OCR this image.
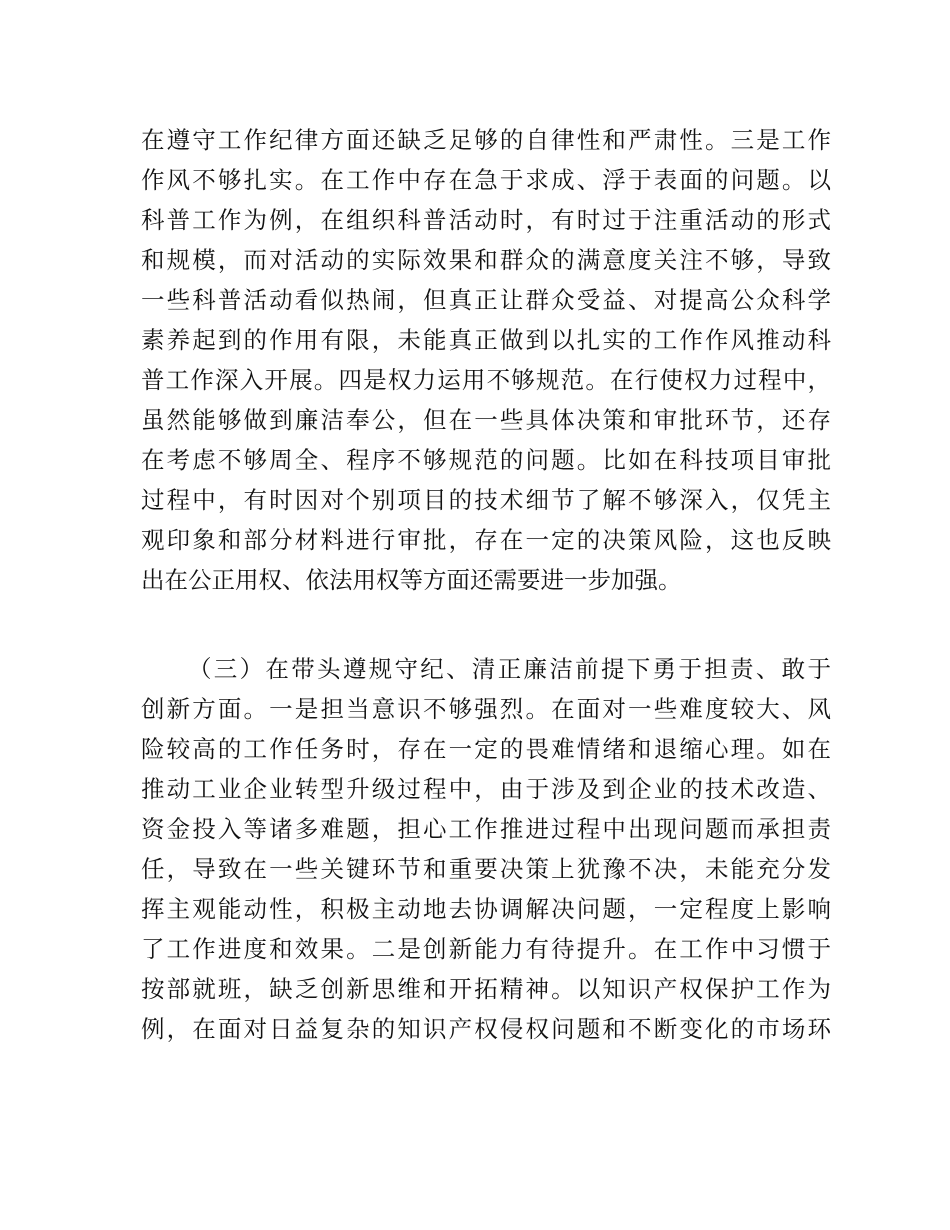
在遵守工作纪律方面还缺乏足够的自律性和严肃性。三是工作
作风不够扎实。在工作中存在急于求成、浮于表面的问题。以
科普工作为例，在组织科普活动时，有时过于注重活动的形式
和规模，而对活动的实际效果和群众的满意度关注不够，导致
一些科普活动看似热闹，但真正让群众受益、对提高公众科学
素养起到的作用有限，未能真正做到以扎实的工作作风推动科
普工作深入开展。四是权力运用不够规范。在行使权力过程中，
虽然能够做到廉洁奉公，但在一些具体决策和审批环节，还存
在考虑不够周全、程序不够规范的问题。比如在科技项目审批
过程中，有时因对个别项目的技术细节了解不够深入，仅凭主
观印象和部分材料进行审批，存在一定的决策风险，这也反映
出在公正用权、依法用权等方面还需要进一步加强。
（三）在带头遵规守纪、清正廉洁前提下勇于担责、敢于
创新方面。一是担当意识不够强烈。在面对一些难度较大、风
险较高的工作任务时，存在一定的畏难情绪和退缩心理。如在
推动工业企业转型升级过程中，由于涉及到企业的技术改造、
资金投入等诸多难题，担心工作推进过程中出现问题而承担责
任，导致在一些关键环节和重要决策上犹豫不决，未能充分发
挥主观能动性，积极主动地去协调解决问题，一定程度上影响
了工作进度和效果。二是创新能力有待提升。在工作中习惯于
按部就班，缺乏创新思维和开拓精神。以知识产权保护工作为
例，在面对日益复杂的知识产权侵权问题和不断变化的市场环
